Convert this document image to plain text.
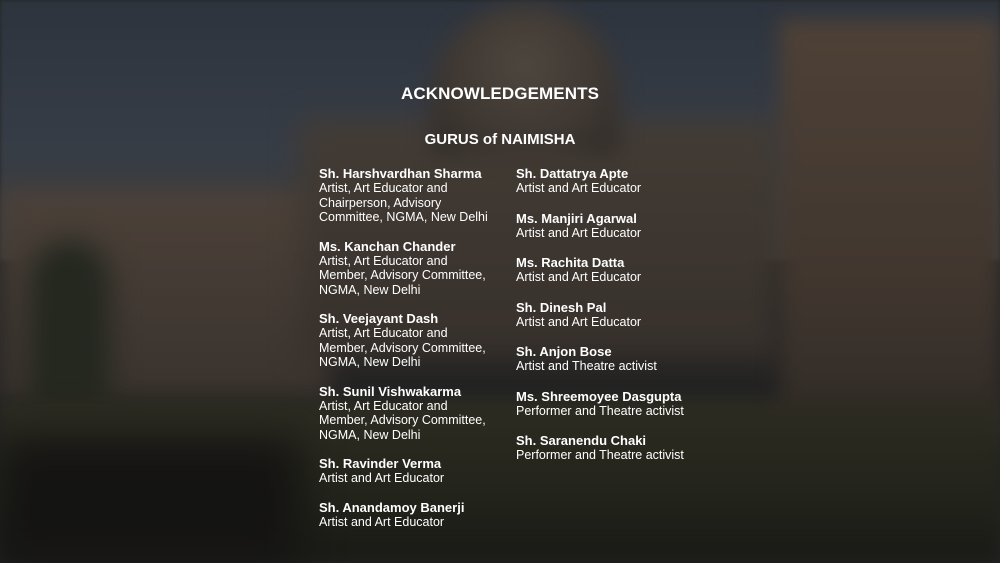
ACKNOWLEDGEMENTS
GURUS of NAIMISHA
Sh. Harshvardhan Sharma
Artist, Art Educator and
Chairperson, Advisory
Committee, NGMA, New Delhi
Ms. Kanchan Chander
Artist, Art Educator and
Member, Advisory Committee,
NGMA, New Delhi
Sh. Veejayant Dash
Artist, Art Educator and
Member, Advisory Committee,
NGMA, New Delhi
Sh. Sunil Vishwakarma
Artist, Art Educator and
Member, Advisory Committee,
NGMA, New Delhi
Sh. Ravinder Verma
Artist and Art Educator
Sh. Anandamoy Banerji
Artist and Art Educator
Sh. Dattatrya Apte
Artist and Art Educator
Ms. Manjiri Agarwal
Artist and Art Educator
Ms. Rachita Datta
Artist and Art Educator
Sh. Dinesh Pal
Artist and Art Educator
Sh. Anjon Bose
Artist and Theatre activist
Ms. Shreemoyee Dasgupta
Performer and Theatre activist
Sh. Saranendu Chaki
Performer and Theatre activist
